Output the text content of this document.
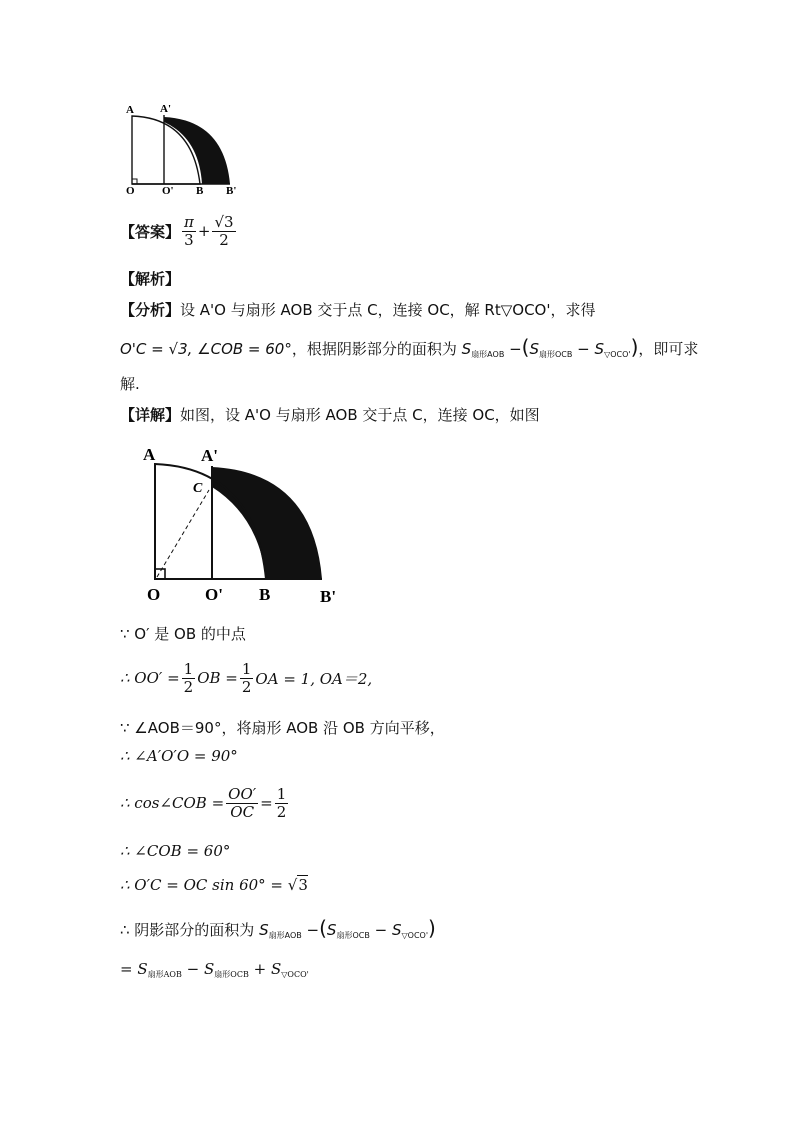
A A'
O O' B B'
【答案】 $\frac{\pi}{3} + \frac{√3}{2}$
【解析】
【分析】设 A'O 与扇形 AOB 交于点 C，连接 OC，解 Rt▽OCO'，求得
O'C = √3, ∠COB = 60°，根据阴影部分的面积为 $S_{扇形AOB} -(S_{扇形OCB} - S_{▽OCO'})$，即可求
解.
【详解】如图，设 A'O 与扇形 AOB 交于点 C，连接 OC，如图
A	A'
C
O	O' B	B'
∵ O′ 是 OB 的中点
∴ $OO' = \frac{1}{2}$ OB = $\frac{1}{2}$ OA = 1, OA＝2,
∵ ∠AOB＝90°，将扇形 AOB 沿 OB 方向平移，
∴ ∠A′O′O = 90°
∴ cos∠COB = $\frac{OO'}{OC} = \frac{1}{2}$
∴ ∠COB = 60°
∴ O′C = OC sin 60° = √3
∴ 阴影部分的面积为 $S_{扇形AOB} -(S_{扇形OCB} - S_{▽OCO'})$
= $S_{扇形AOB} - S_{扇形OCB} + S_{▽OCO'}$
